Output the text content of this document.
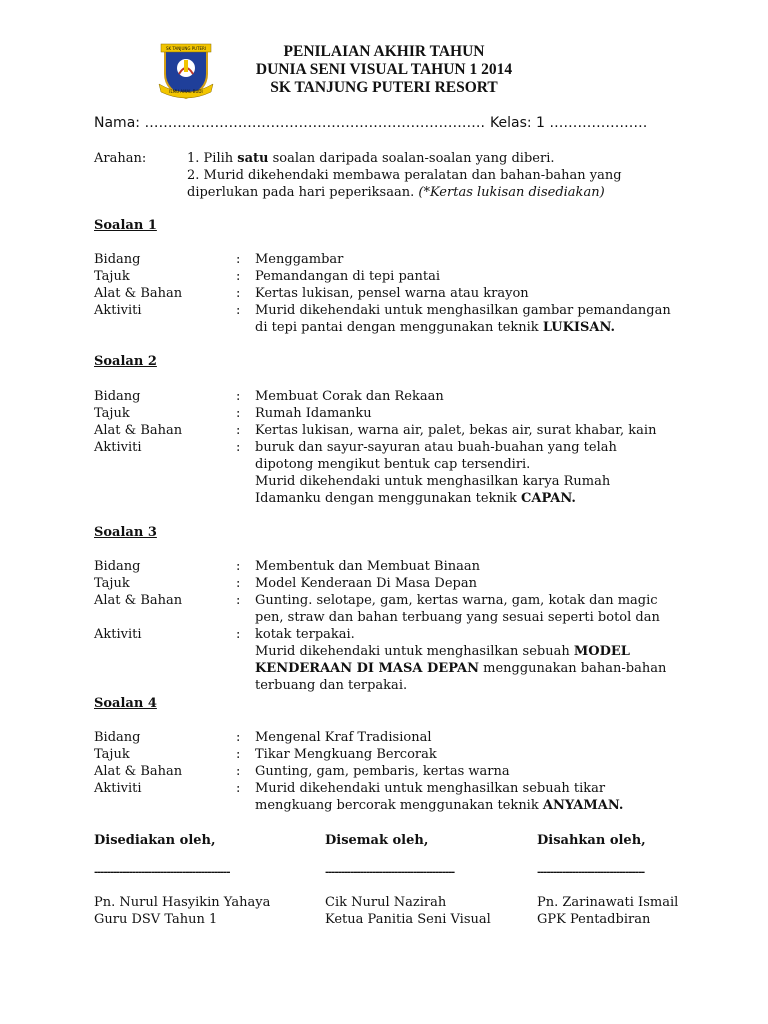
SK TANJUNG PUTERI
ILMU AMAL BUDI
PENILAIAN AKHIR TAHUN
DUNIA SENI VISUAL TAHUN 1 2014
SK TANJUNG PUTERI RESORT
Nama: ………………………………………………………………. Kelas: 1 …………………
Arahan:	1. Pilih satu soalan daripada soalan-soalan yang diberi.
2. Murid dikehendaki membawa peralatan dan bahan-bahan yang
diperlukan pada hari peperiksaan. (*Kertas lukisan disediakan)
Soalan 1
Bidang	: Menggambar
Tajuk	: Pemandangan di tepi pantai
Alat & Bahan	: Kertas lukisan, pensel warna atau krayon
Aktiviti	: Murid dikehendaki untuk menghasilkan gambar pemandangan
di tepi pantai dengan menggunakan teknik LUKISAN.
Soalan 2
Bidang	: Membuat Corak dan Rekaan
Tajuk	: Rumah Idamanku
Alat & Bahan	: Kertas lukisan, warna air, palet, bekas air, surat khabar, kain
Aktiviti	: buruk dan sayur-sayuran atau buah-buahan yang telah
dipotong mengikut bentuk cap tersendiri.
Murid dikehendaki untuk menghasilkan karya Rumah
Idamanku dengan menggunakan teknik CAPAN.
Soalan 3
Bidang	: Membentuk dan Membuat Binaan
Tajuk	: Model Kenderaan Di Masa Depan
Alat & Bahan	: Gunting. selotape, gam, kertas warna, gam, kotak dan magic
pen, straw dan bahan terbuang yang sesuai seperti botol dan
Aktiviti	: kotak terpakai.
Murid dikehendaki untuk menghasilkan sebuah MODEL
KENDERAAN DI MASA DEPAN menggunakan bahan-bahan
terbuang dan terpakai.
Soalan 4
Bidang	: Mengenal Kraf Tradisional
Tajuk	: Tikar Mengkuang Bercorak
Alat & Bahan	: Gunting, gam, pembaris, kertas warna
Aktiviti	: Murid dikehendaki untuk menghasilkan sebuah tikar
mengkuang bercorak menggunakan teknik ANYAMAN.
Disediakan oleh,	Disemak oleh,	Disahkan oleh,
-------------------------------------------	-----------------------------------------	----------------------------------
Pn. Nurul Hasyikin Yahaya	Cik Nurul Nazirah	Pn. Zarinawati Ismail
Guru DSV Tahun 1	Ketua Panitia Seni Visual	GPK Pentadbiran
